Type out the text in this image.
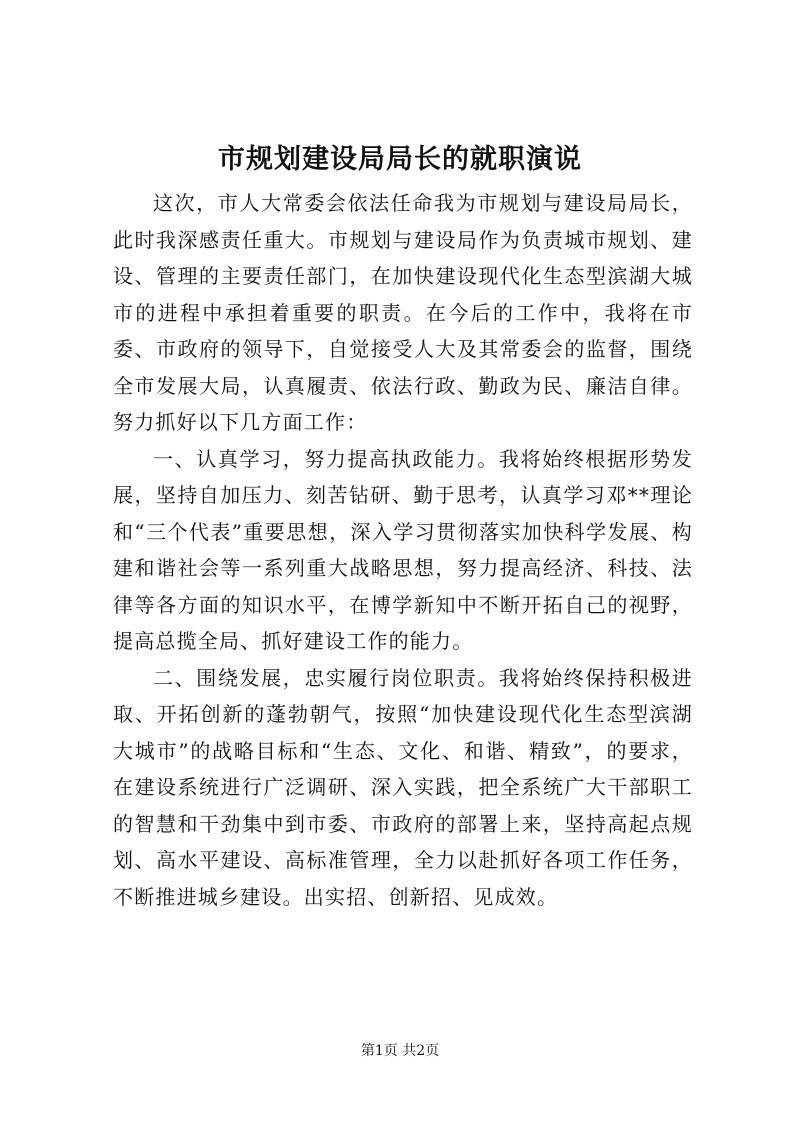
市规划建设局局长的就职演说

这次，市人大常委会依法任命我为市规划与建设局局长，此时我深感责任重大。市规划与建设局作为负责城市规划、建设、管理的主要责任部门，在加快建设现代化生态型滨湖大城市的进程中承担着重要的职责。在今后的工作中，我将在市委、市政府的领导下，自觉接受人大及其常委会的监督，围绕全市发展大局，认真履责、依法行政、勤政为民、廉洁自律。努力抓好以下几方面工作：

一、认真学习，努力提高执政能力。我将始终根据形势发展，坚持自加压力、刻苦钻研、勤于思考，认真学习邓**理论和“三个代表”重要思想，深入学习贯彻落实加快科学发展、构建和谐社会等一系列重大战略思想，努力提高经济、科技、法律等各方面的知识水平，在博学新知中不断开拓自己的视野，提高总揽全局、抓好建设工作的能力。

二、围绕发展，忠实履行岗位职责。我将始终保持积极进取、开拓创新的蓬勃朝气，按照“加快建设现代化生态型滨湖大城市”的战略目标和“生态、文化、和谐、精致”，的要求，在建设系统进行广泛调研、深入实践，把全系统广大干部职工的智慧和干劲集中到市委、市政府的部署上来，坚持高起点规划、高水平建设、高标准管理，全力以赴抓好各项工作任务，不断推进城乡建设。出实招、创新招、见成效。

第1页 共2页
